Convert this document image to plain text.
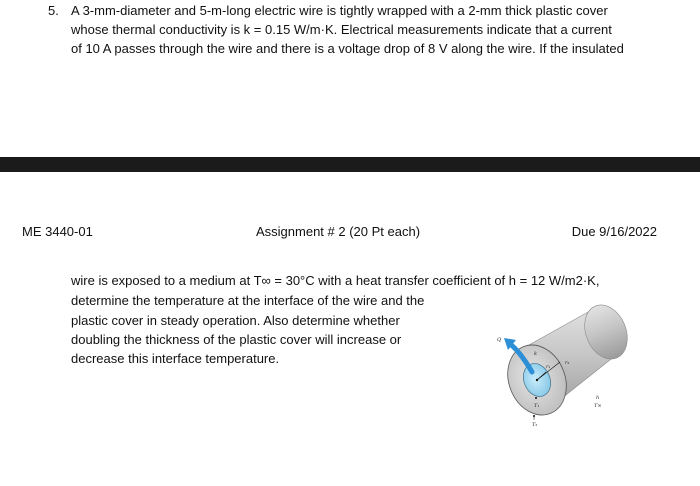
5. A 3-mm-diameter and 5-m-long electric wire is tightly wrapped with a 2-mm thick plastic cover
whose thermal conductivity is k = 0.15 W/m·K. Electrical measurements indicate that a current
of 10 A passes through the wire and there is a voltage drop of 8 V along the wire. If the insulated
ME 3440-01	Assignment # 2 (20 Pt each)	Due 9/16/2022
wire is exposed to a medium at T∞ = 30°C with a heat transfer coefficient of h = 12 W/m2·K,
determine the temperature at the interface of the wire and the
plastic cover in steady operation. Also determine whether
doubling the thickness of the plastic cover will increase or
decrease this interface temperature.
Q
k
r₁
r₂
T₁
T₂
h
T∞
